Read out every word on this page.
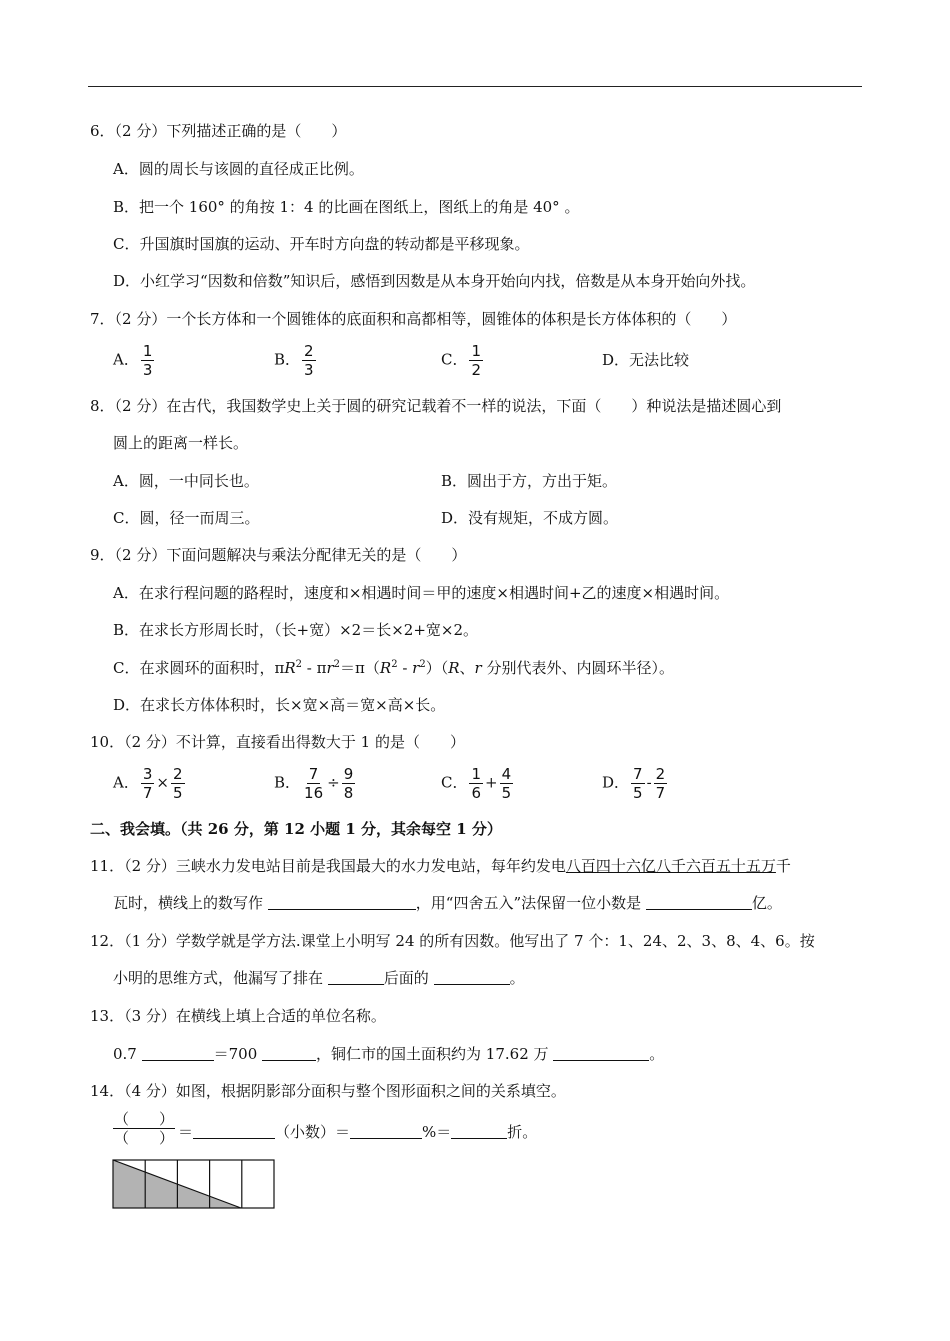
6．（2 分）下列描述正确的是（　　）
A．圆的周长与该圆的直径成正比例。
B．把一个 160° 的角按 1：4 的比画在图纸上，图纸上的角是 40° 。
C．升国旗时国旗的运动、开车时方向盘的转动都是平移现象。
D．小红学习“因数和倍数”知识后，感悟到因数是从本身开始向内找，倍数是从本身开始向外找。
7．（2 分）一个长方体和一个圆锥体的底面积和高都相等，圆锥体的体积是长方体体积的（　　）
A． $\frac{1}{3}$	B． $\frac{2}{3}$	C． $\frac{1}{2}$	D．无法比较
8．（2 分）在古代，我国数学史上关于圆的研究记载着不一样的说法，下面（　　）种说法是描述圆心到
圆上的距离一样长。
A．圆，一中同长也。	B．圆出于方，方出于矩。
C．圆，径一而周三。	D．没有规矩，不成方圆。
9．（2 分）下面问题解决与乘法分配律无关的是（　　）
A．在求行程问题的路程时，速度和×相遇时间＝甲的速度×相遇时间+乙的速度×相遇时间。
B．在求长方形周长时，（长+宽）×2＝长×2+宽×2。
C．在求圆环的面积时，$\pi R^2 - \pi r^2=\pi(R^2 - r^2)(R$、r 分别代表外、内圆环半径）。
D．在求长方体体积时，长×宽×高＝宽×高×长。
10．（2 分）不计算，直接看出得数大于 1 的是（　　）
A． $\frac{3}{7} \times \frac{2}{5}$	B． $\frac{7}{16} \div \frac{9}{8}$	C． $\frac{1}{6} + \frac{4}{5}$	D． $\frac{7}{5} - \frac{2}{7}$
二、我会填。（共 26 分，第 12 小题 1 分，其余每空 1 分）
11．（2 分）三峡水力发电站目前是我国最大的水力发电站，每年约发电八百四十六亿八千六百五十五万千
瓦时，横线上的数写作	，用“四舍五入”法保留一位小数是	亿。
12．（1 分）学数学就是学方法.课堂上小明写 24 的所有因数。他写出了 7 个：1、24、2、3、8、4、6。按
小明的思维方式，他漏写了排在	后面的	。
13．（3 分）在横线上填上合适的单位名称。
0.7	＝700	，铜仁市的国土面积约为 17.62 万	。
14．（4 分）如图，根据阴影部分面积与整个图形面积之间的关系填空。
（　　）
（　　） ＝	（小数）＝	%＝	折。
